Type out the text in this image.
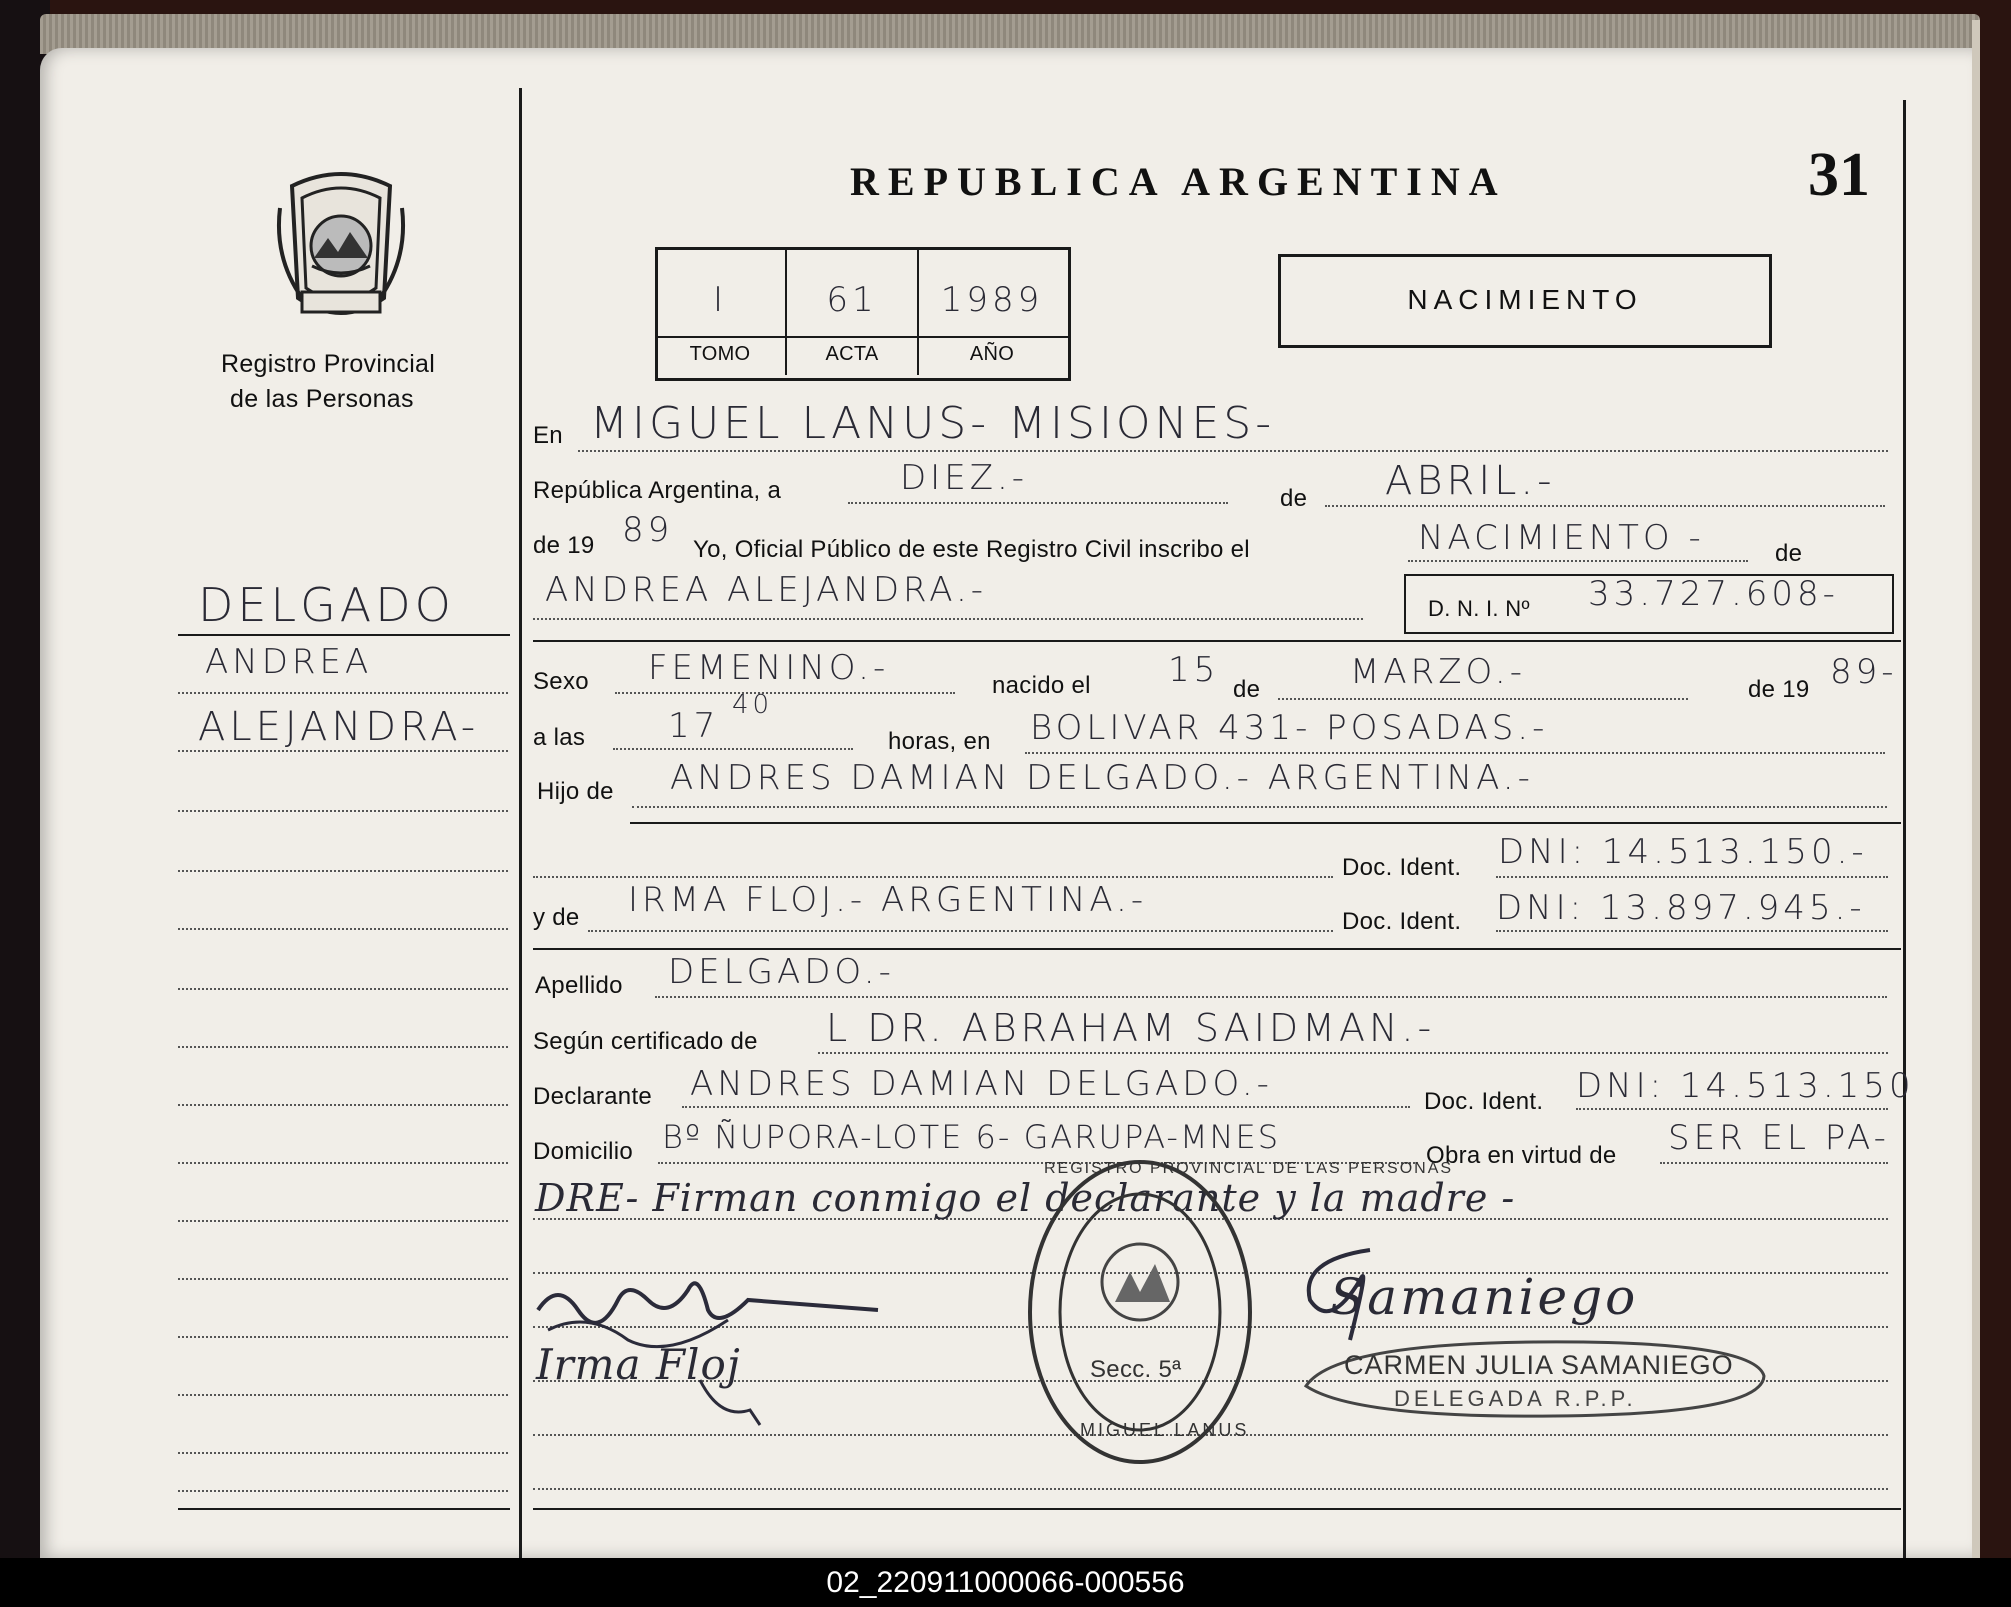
Registro Provincial
de las Personas
REPUBLICA ARGENTINA	31
I	61	1989
TOMO	ACTA	AÑO
NACIMIENTO
En MIGUEL LANUS- MISIONES-
República Argentina, a	DIEZ.-
de ABRIL.-
de 19 89 Yo, Oficial Público de este Registro Civil inscribo el	NACIMIENTO -	de
ANDREA ALEJANDRA.-	D. N. I. Nº 33.727.608-
Sexo FEMENINO.-	nacido el 15 de	MARZO.-	de 19 89-
a las 17
40
horas, en BOLIVAR 431- POSADAS.-
Hijo de ANDRES DAMIAN DELGADO.- ARGENTINA.-
Doc. Ident. DNI: 14.513.150.-
y de IRMA FLOJ.- ARGENTINA.-
Doc. Ident. DNI: 13.897.945.-
Apellido DELGADO.-
Según certificado de L DR. ABRAHAM SAIDMAN.-
Declarante ANDRES DAMIAN DELGADO.-	Doc. Ident. DNI: 14.513.150
Domicilio Bº ÑUPORA-LOTE 6- GARUPA-MNES	Obra en virtud de SER EL PA-
DRE- Firman conmigo el declarante y la madre -
DELGADO
ANDREA
ALEJANDRA-
Irma Floj	Secc. 5ª
REGISTRO PROVINCIAL DE LAS PERSONAS
MIGUEL LANUS
Samaniego
CARMEN JULIA SAMANIEGO
DELEGADA R.P.P.
02_220911000066-000556
